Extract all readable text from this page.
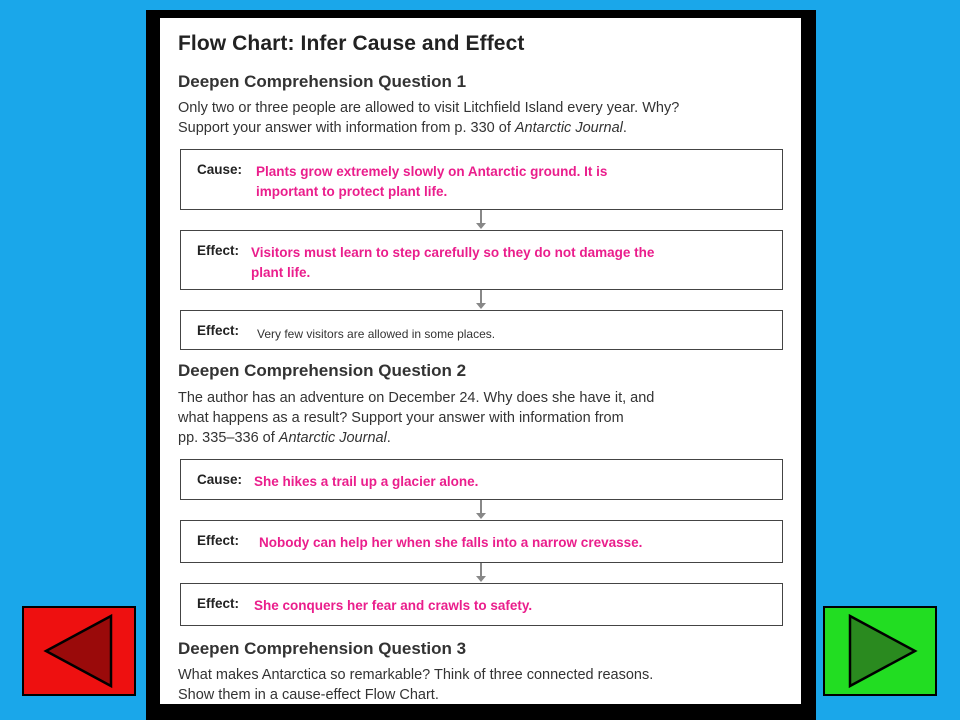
Flow Chart: Infer Cause and Effect
Deepen Comprehension Question 1
Only two or three people are allowed to visit Litchfield Island every year. Why?
Support your answer with information from p. 330 of Antarctic Journal.
Cause: Plants grow extremely slowly on Antarctic ground. It is
important to protect plant life.
Effect: Visitors must learn to step carefully so they do not damage the
plant life.
Effect: Very few visitors are allowed in some places.
Deepen Comprehension Question 2
The author has an adventure on December 24. Why does she have it, and
what happens as a result? Support your answer with information from
pp. 335–336 of Antarctic Journal.
Cause: She hikes a trail up a glacier alone.
Effect: Nobody can help her when she falls into a narrow crevasse.
Effect: She conquers her fear and crawls to safety.
Deepen Comprehension Question 3
What makes Antarctica so remarkable? Think of three connected reasons.
Show them in a cause-effect Flow Chart.
